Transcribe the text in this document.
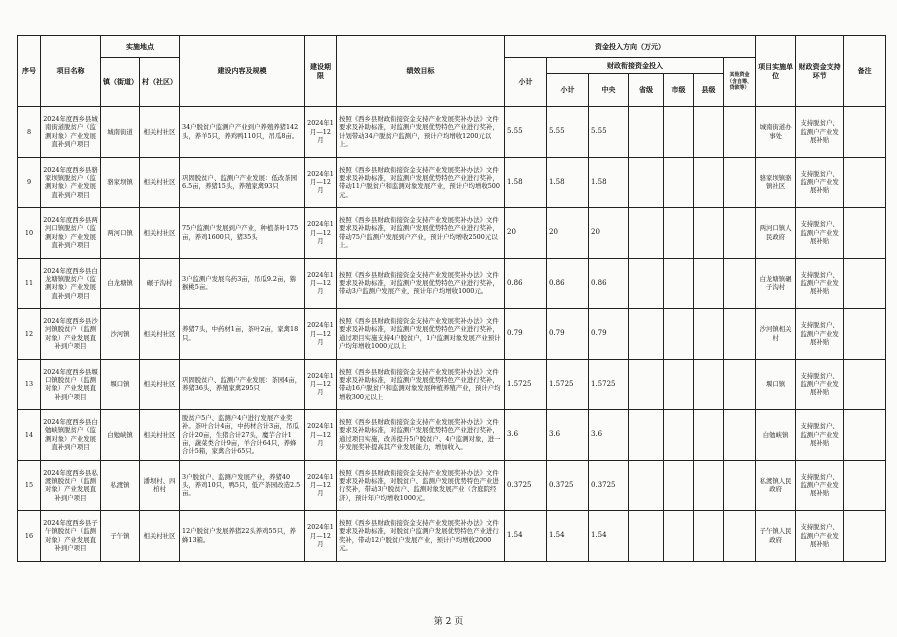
序号	项目名称	实施地点		建设内容及规模	建设期限	绩效目标	资金投入方向（万元）							项目实施单位	财政资金支持环节	备注
		镇（街道）	村（社区）				小计	财政衔接资金投入					其他资金（含自筹、贷款等）			
								小计	中央	省级	市级	县级				
8	2024年度西乡县城南街道脱贫户（监测对象）产业发展直补到户项目	城南街道	相关村社区	34户脱贫户监测户产业到户养殖养猪142头，养羊5只，养鸡鸭110只，吊瓜8亩。	2024年1月—12月	按照《西乡县财政衔接资金支持产业发展奖补办法》文件要求及补助标准，对监测户发展优势特色产业进行奖补，计划带动34户脱贫户监测户，预计户均增收1200元以上。	5.55	5.55	5.55					城南街道办事处	支持脱贫户、监测户产业发展补贴	
9	2024年度西乡县骆家坝镇脱贫户（监测对象）产业发展直补到户项目	骆家坝镇	相关村社区	巩固脱贫户、监测户产业发展：低改茶园6.5亩，养猪15头，养殖家禽93只	2024年1月—12月	按照《西乡县财政衔接资金支持产业发展奖补办法》文件要求及补助标准，对监测户发展优势特色产业进行奖补，带动11户脱贫户和监测对象发展产业，预计户均增收500元。	1.58	1.58	1.58					骆家坝镇骆镇社区	支持脱贫户、监测户产业发展补贴	
10	2024年度西乡县两河口镇脱贫户（监测对象）产业发展直补到户项目	两河口镇	相关村社区	75户监测户发展到户产业，种植茶叶175亩，养鸡1600只，猪35头	2024年1月—12月	按照《西乡县财政衔接资金支持产业发展奖补办法》文件要求及补助标准，对监测户发展优势特色产业进行奖补，带动75户监测户发展到户产业，预计户均增收2500元以上。	20	20	20					两河口镇人民政府	支持脱贫户、监测户产业发展补贴	
11	2024年度西乡县白龙塘镇脱贫户（监测对象）产业发展直补到户项目	白龙塘镇	碾子沟村	3户监测户发展乌药3亩，吊瓜9.2亩，猕猴桃5亩。	2024年1月—12月	按照《西乡县财政衔接资金支持产业发展奖补办法》文件要求及补助标准，对监测户发展优势特色产业进行奖补，带动3户监测户发展产业，预计年户均增收1000元。	0.86	0.86	0.86					白龙塘镇碾子沟村	支持脱贫户、监测户产业发展补贴	
12	2024年度西乡县沙河镇脱贫户（监测对象）产业发展直补到户项目	沙河镇	相关村社区	养猪7头，中药材1亩，茶叶2亩，家禽18只。	2024年1月—12月	按照《西乡县财政衔接资金支持产业发展奖补办法》文件要求及补助标准，对监测户发展优势特色产业进行奖补，通过项目实施支持4户脱贫户，1户监测对象发展产业预计户均年增收1000元以上	0.79	0.79	0.79					沙河镇相关村	支持脱贫户、监测户产业发展补贴	
13	2024年度西乡县堰口镇脱贫户（监测对象）产业发展直补到户项目	堰口镇	相关村社区	巩固脱贫户、监测户产业发展：茶园4亩，养猪36头，养殖家禽295只	2024年1月—12月	按照《西乡县财政衔接资金支持产业发展奖补办法》文件要求及补助标准，对监测户发展优势特色产业进行奖补，带动16户脱贫户和监测对象发展种植养殖产业，预计户均增收300元以上	1.5725	1.5725	1.5725					堰口镇	支持脱贫户、监测户产业发展补贴	
14	2024年度西乡县白勉峡镇脱贫户（监测对象）产业发展直补到户项目	白勉峡镇	相关村社区	脱贫户5户、监测户4户进行发展产业奖补。茶叶合计4亩，中药材合计3亩，吊瓜合计20亩，生猪合计27头，魔芋合计1亩，蔬菜类合计9亩，羊合计64只，养蜂合计5箱，家禽合计65只。	2024年1月—12月	按照《西乡县财政衔接资金支持产业发展奖补办法》文件要求及补助标准，对监测户发展优势特色产业进行奖补，通过项目实施，改善提升5户脱贫户、4户监测对象，进一步发展奖补提高其产业发展能力，增加收入。	3.6	3.6	3.6					白勉峡镇	支持脱贫户、监测户产业发展补贴	
15	2024年度西乡县私渡镇脱贫户（监测对象）产业发展直补到户项目	私渡镇	潘坝村、四柏村	3户脱贫户、监测户发展产业，养猪40头，养鸡10只，鸭5只，低产茶园改造2.5亩。	2024年1月—12月	按照《西乡县财政衔接资金支持产业发展奖补办法》文件要求及补助标准，对脱贫户、监测户发展优势特色产业进行奖补，带动3户脱贫户、监测对象发展产业（含庭院经济），预计年户均增收1000元。	0.3725	0.3725	0.3725					私渡镇人民政府	支持脱贫户、监测户产业发展补贴	
16	2024年度西乡县子午镇脱贫户（监测对象）产业发展直补到户项目	子午镇	相关村社区	12户脱贫户发展养猪22头养鸡55只，养蜂13箱。	2024年1月—12月	按照《西乡县财政衔接资金支持产业发展奖补办法》文件要求及补助标准，对脱贫户监测户发展优势特色产业进行奖补，带动12户脱贫户发展产业，预计户均增收2000元。	1.54	1.54	1.54					子午镇人民政府	支持脱贫户、监测户产业发展补贴	
第 2 页
